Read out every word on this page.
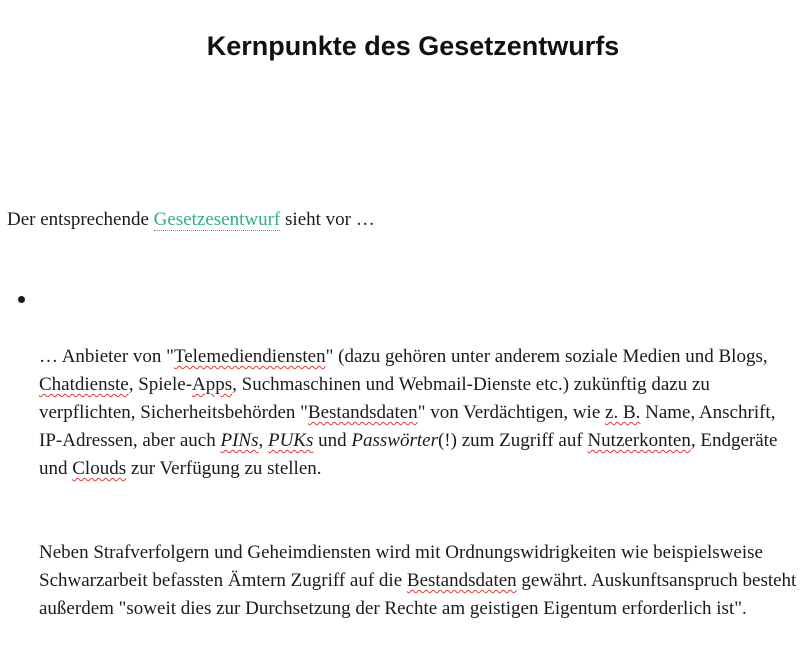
Kernpunkte des Gesetzentwurfs

Der entsprechende Gesetzesentwurf sieht vor …

… Anbieter von "Telemediendiensten" (dazu gehören unter anderem soziale Medien und Blogs, Chatdienste, Spiele-Apps, Suchmaschinen und Webmail-Dienste etc.) zukünftig dazu zu verpflichten, Sicherheitsbehörden "Bestandsdaten" von Verdächtigen, wie z. B. Name, Anschrift, IP-Adressen, aber auch PINs, PUKs und Passwörter(!) zum Zugriff auf Nutzerkonten, Endgeräte und Clouds zur Verfügung zu stellen.

Neben Strafverfolgern und Geheimdiensten wird mit Ordnungswidrigkeiten wie beispielsweise Schwarzarbeit befassten Ämtern Zugriff auf die Bestandsdaten gewährt. Auskunftsanspruch besteht außerdem "soweit dies zur Durchsetzung der Rechte am geistigen Eigentum erforderlich ist".
